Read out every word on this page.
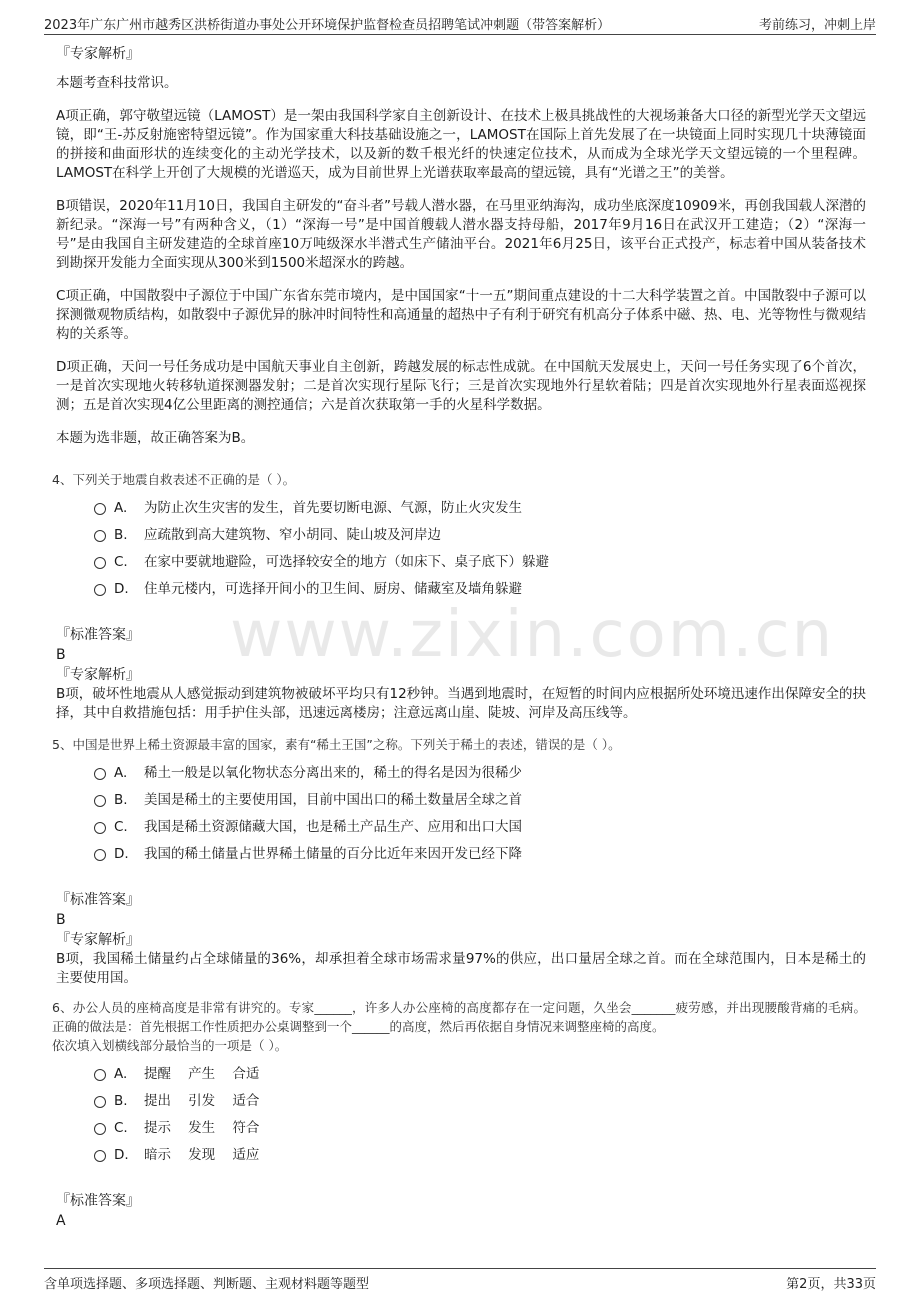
2023年广东广州市越秀区洪桥街道办事处公开环境保护监督检查员招聘笔试冲刺题（带答案解析）	考前练习，冲刺上岸
www.zixin.com.cn

『专家解析』

本题考查科技常识。

A项正确，郭守敬望远镜（LAMOST）是一架由我国科学家自主创新设计、在技术上极具挑战性的大视场兼备大口径的新型光学天文望远镜，即“王-苏反射施密特望远镜”。作为国家重大科技基础设施之一，LAMOST在国际上首先发展了在一块镜面上同时实现几十块薄镜面的拼接和曲面形状的连续变化的主动光学技术，以及新的数千根光纤的快速定位技术，从而成为全球光学天文望远镜的一个里程碑。LAMOST在科学上开创了大规模的光谱巡天，成为目前世界上光谱获取率最高的望远镜，具有“光谱之王”的美誉。

B项错误，2020年11月10日，我国自主研发的“奋斗者”号载人潜水器，在马里亚纳海沟，成功坐底深度10909米，再创我国载人深潜的新纪录。“深海一号”有两种含义，（1）“深海一号”是中国首艘载人潜水器支持母船，2017年9月16日在武汉开工建造；（2）“深海一号”是由我国自主研发建造的全球首座10万吨级深水半潜式生产储油平台。2021年6月25日，该平台正式投产，标志着中国从装备技术到勘探开发能力全面实现从300米到1500米超深水的跨越。

C项正确，中国散裂中子源位于中国广东省东莞市境内，是中国国家“十一五”期间重点建设的十二大科学装置之首。中国散裂中子源可以探测微观物质结构，如散裂中子源优异的脉冲时间特性和高通量的超热中子有利于研究有机高分子体系中磁、热、电、光等物性与微观结构的关系等。

D项正确，天问一号任务成功是中国航天事业自主创新，跨越发展的标志性成就。在中国航天发展史上，天问一号任务实现了6个首次，一是首次实现地火转移轨道探测器发射；二是首次实现行星际飞行；三是首次实现地外行星软着陆；四是首次实现地外行星表面巡视探测；五是首次实现4亿公里距离的测控通信；六是首次获取第一手的火星科学数据。

本题为选非题，故正确答案为B。

4、下列关于地震自救表述不正确的是（ ）。

A. 为防止次生灾害的发生，首先要切断电源、气源，防止火灾发生
B. 应疏散到高大建筑物、窄小胡同、陡山坡及河岸边
C. 在家中要就地避险，可选择较安全的地方（如床下、桌子底下）躲避
D. 住单元楼内，可选择开间小的卫生间、厨房、储藏室及墙角躲避

『标准答案』

B

『专家解析』

B项，破坏性地震从人感觉振动到建筑物被破坏平均只有12秒钟。当遇到地震时，在短暂的时间内应根据所处环境迅速作出保障安全的抉择，其中自救措施包括：用手护住头部，迅速远离楼房；注意远离山崖、陡坡、河岸及高压线等。

5、中国是世界上稀土资源最丰富的国家，素有“稀土王国”之称。下列关于稀土的表述，错误的是（ ）。

A. 稀土一般是以氧化物状态分离出来的，稀土的得名是因为很稀少
B. 美国是稀土的主要使用国，目前中国出口的稀土数量居全球之首
C. 我国是稀土资源储藏大国，也是稀土产品生产、应用和出口大国
D. 我国的稀土储量占世界稀土储量的百分比近年来因开发已经下降

『标准答案』

B

『专家解析』

B项，我国稀土储量约占全球储量的36%，却承担着全球市场需求量97%的供应，出口量居全球之首。而在全球范围内，日本是稀土的主要使用国。

6、办公人员的座椅高度是非常有讲究的。专家______，许多人办公座椅的高度都存在一定问题，久坐会_______疲劳感，并出现腰酸背痛的毛病。正确的做法是：首先根据工作性质把办公桌调整到一个______的高度，然后再依据自身情况来调整座椅的高度。

依次填入划横线部分最恰当的一项是（ ）。

A. 提醒    产生    合适
B. 提出    引发    适合
C. 提示    发生    符合
D. 暗示    发现    适应

『标准答案』

A

含单项选择题、多项选择题、判断题、主观材料题等题型	第2页，共33页
